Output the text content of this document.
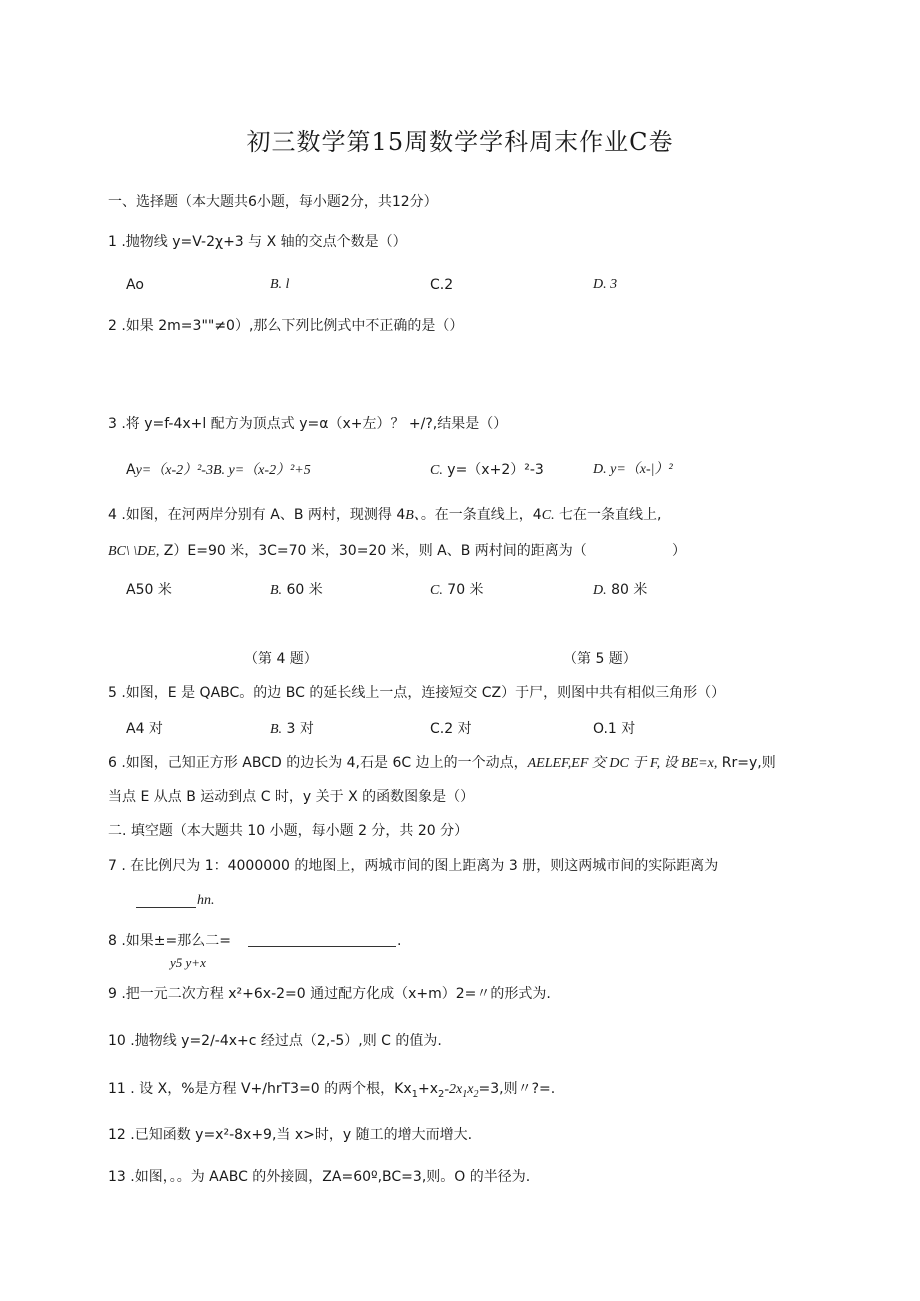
初三数学第15周数学学科周末作业C卷
一、选择题（本大题共6小题，每小题2分，共12分）
1 .抛物线 y=V-2χ+3 与 X 轴的交点个数是（）
Ao	B. l	C.2	D. 3
2 .如果 2m=3""≠0）,那么下列比例式中不正确的是（）
3 .将 y=f-4x+l 配方为顶点式 y=α（x+左）？ +/?,结果是（）
Ay=（x-2）²-3B. y=（x-2）²+5	C. y=（x+2）²-3	D. y=（x-|）²
4 .如图，在河两岸分别有 A、B 两村，现测得 4B、。在一条直线上，4C. 七在一条直线上,
BC\ \DE, Z）E=90 米，3C=70 米，30=20 米，则 A、B 两村间的距离为（	）
A50 米	B. 60 米	C. 70 米	D. 80 米
（第 4 题）	（第 5 题）
5 .如图，E 是 QABC。的边 BC 的延长线上一点，连接短交 CZ）于尸，则图中共有相似三角形（）
A4 对	B. 3 对	C.2 对	O.1 对
6 .如图，己知正方形 ABCD 的边长为 4,石是 6C 边上的一个动点，AELEF,EF 交 DC 于 F, 设 BE=x, Rr=y,则
当点 E 从点 B 运动到点 C 时，y 关于 X 的函数图象是（）
二. 填空题（本大题共 10 小题，每小题 2 分，共 20 分）
7 . 在比例尺为 1：4000000 的地图上，两城市间的图上距离为 3 册，则这两城市间的实际距离为
hn.
8 .如果±=那么二=	.
y5 y+x
9 .把一元二次方程 x²+6x-2=0 通过配方化成（x+m）2=〃的形式为.
10 .抛物线 y=2∕-4x+c 经过点（2,-5）,则 C 的值为.
11 . 设 X，%是方程 V+∕hrT3=0 的两个根，$Kx_1+x_2-2x_1x_2=3$,则〃?=.
12 .已知函数 y=x²-8x+9,当 x>时，y 随工的增大而增大.
13 .如图，。。为 AABC 的外接圆，ZA=60º,BC=3,则。O 的半径为.
